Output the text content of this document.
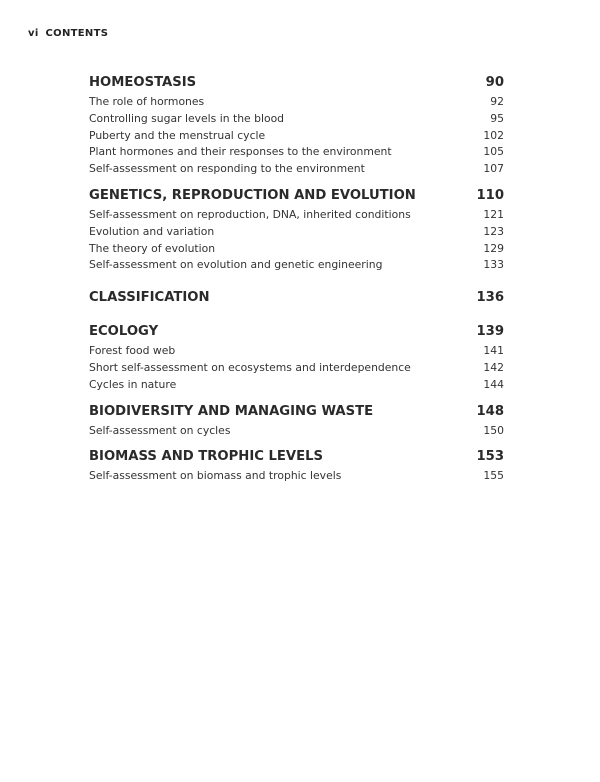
vi CONTENTS
HOMEOSTASIS	90
The role of hormones	92
Controlling sugar levels in the blood	95
Puberty and the menstrual cycle	102
Plant hormones and their responses to the environment	105
Self-assessment on responding to the environment	107
GENETICS, REPRODUCTION AND EVOLUTION	110
Self-assessment on reproduction, DNA, inherited conditions	121
Evolution and variation	123
The theory of evolution	129
Self-assessment on evolution and genetic engineering	133
CLASSIFICATION	136
ECOLOGY	139
Forest food web	141
Short self-assessment on ecosystems and interdependence	142
Cycles in nature	144
BIODIVERSITY AND MANAGING WASTE	148
Self-assessment on cycles	150
BIOMASS AND TROPHIC LEVELS	153
Self-assessment on biomass and trophic levels	155
